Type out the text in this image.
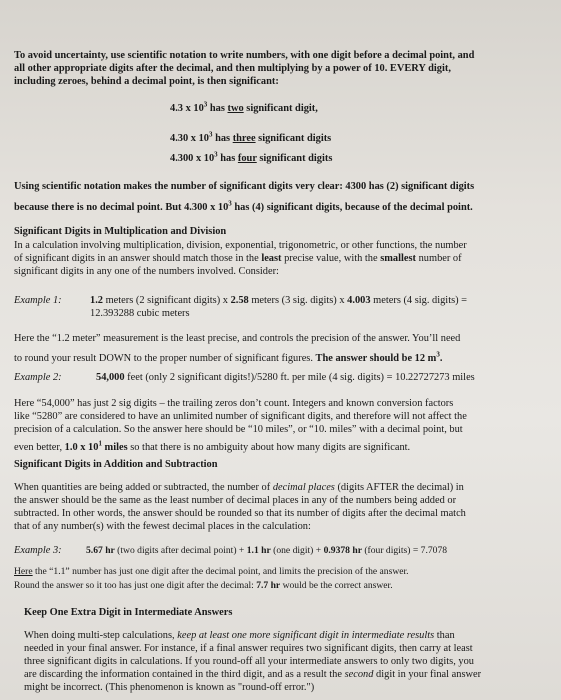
To avoid uncertainty, use scientific notation to write numbers, with one digit before a decimal point, and

all other appropriate digits after the decimal, and then multiplying by a power of 10. EVERY digit,

including zeroes, behind a decimal point, is then significant:

4.3 x $10^3$ has two significant digit,

4.30 x $10^3$ has three significant digits

4.300 x $10^3$ has four significant digits

Using scientific notation makes the number of significant digits very clear: 4300 has (2) significant digits

because there is no decimal point. But 4.300 x $10^3$ has (4) significant digits, because of the decimal point.

Significant Digits in Multiplication and Division

In a calculation involving multiplication, division, exponential, trigonometric, or other functions, the number

of significant digits in an answer should match those in the least precise value, with the smallest number of

significant digits in any one of the numbers involved. Consider:

Example 1:	1.2 meters (2 significant digits) x 2.58 meters (3 sig. digits) x 4.003 meters (4 sig. digits) =

12.393288 cubic meters

Here the “1.2 meter” measurement is the least precise, and controls the precision of the answer. You’ll need

to round your result DOWN to the proper number of significant figures. The answer should be 12 $m^3$.

Example 2:	54,000 feet (only 2 significant digits!)/5280 ft. per mile (4 sig. digits) = 10.22727273 miles

Here “54,000” has just 2 sig digits – the trailing zeros don’t count. Integers and known conversion factors

like “5280” are considered to have an unlimited number of significant digits, and therefore will not affect the

precision of a calculation. So the answer here should be “10 miles”, or “10. miles” with a decimal point, but

even better, 1.0 x $10^1$ miles so that there is no ambiguity about how many digits are significant.

Significant Digits in Addition and Subtraction

When quantities are being added or subtracted, the number of decimal places (digits AFTER the decimal) in

the answer should be the same as the least number of decimal places in any of the numbers being added or

subtracted. In other words, the answer should be rounded so that its number of digits after the decimal match

that of any number(s) with the fewest decimal places in the calculation:

Example 3:	5.67 hr (two digits after decimal point) + 1.1 hr (one digit) + 0.9378 hr (four digits) = 7.7078

Here the “1.1” number has just one digit after the decimal point, and limits the precision of the answer.

Round the answer so it too has just one digit after the decimal: 7.7 hr would be the correct answer.

Keep One Extra Digit in Intermediate Answers

When doing multi-step calculations, keep at least one more significant digit in intermediate results than

needed in your final answer. For instance, if a final answer requires two significant digits, then carry at least

three significant digits in calculations. If you round-off all your intermediate answers to only two digits, you

are discarding the information contained in the third digit, and as a result the second digit in your final answer

might be incorrect. (This phenomenon is known as "round-off error.")
